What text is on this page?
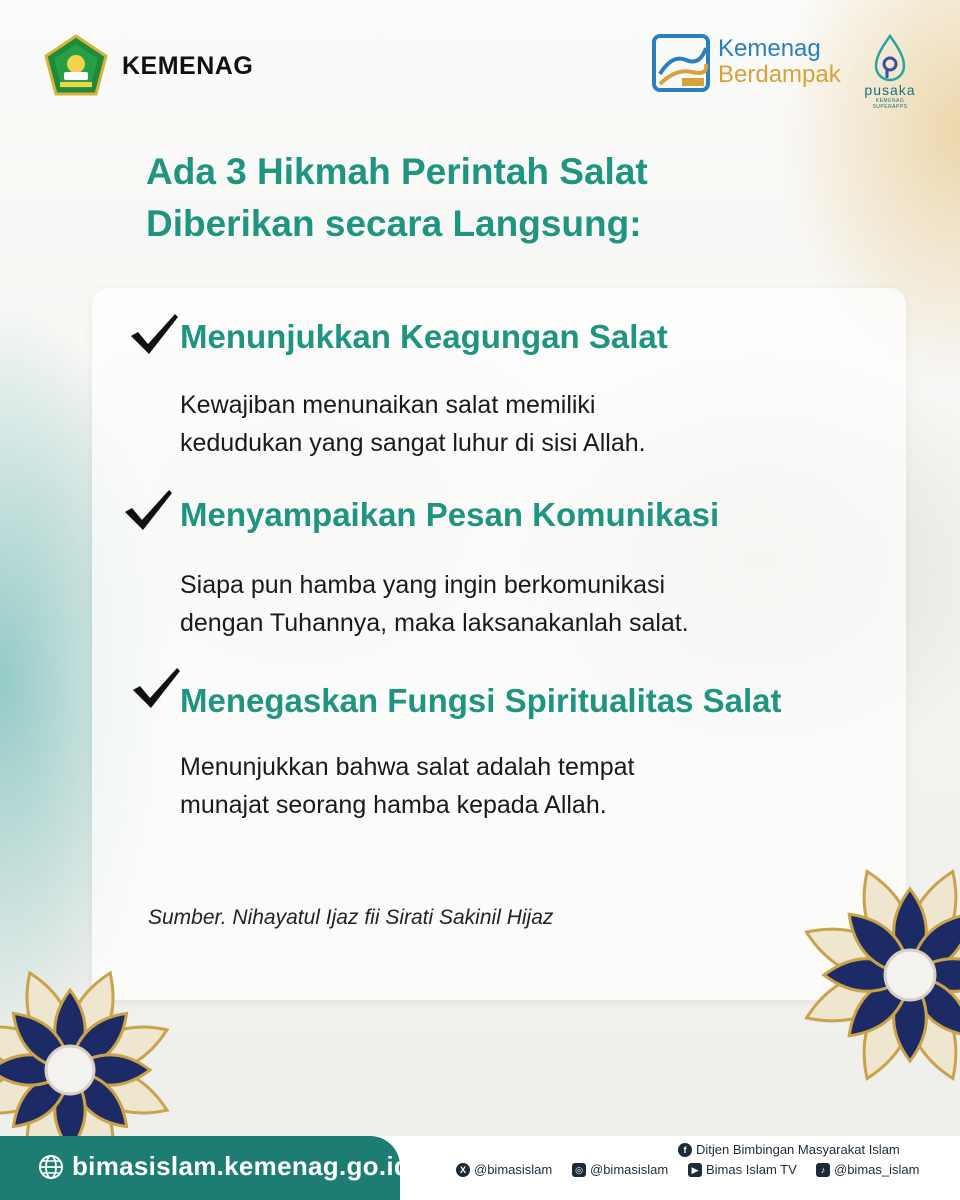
KEMENAG
Kemenag
Berdampak
pusaka
KEMENAG SUPERAPPS
Ada 3 Hikmah Perintah Salat
Diberikan secara Langsung:
Menunjukkan Keagungan Salat
Kewajiban menunaikan salat memiliki
kedudukan yang sangat luhur di sisi Allah.
Menyampaikan Pesan Komunikasi
Siapa pun hamba yang ingin berkomunikasi
dengan Tuhannya, maka laksanakanlah salat.
Menegaskan Fungsi Spiritualitas Salat
Menunjukkan bahwa salat adalah tempat
munajat seorang hamba kepada Allah.
Sumber. Nihayatul Ijaz fii Sirati Sakinil Hijaz
bimasislam.kemenag.go.id
f Ditjen Bimbingan Masyarakat Islam
X @bimasislam	◎ @bimasislam	▶ Bimas Islam TV	♪ @bimas_islam
